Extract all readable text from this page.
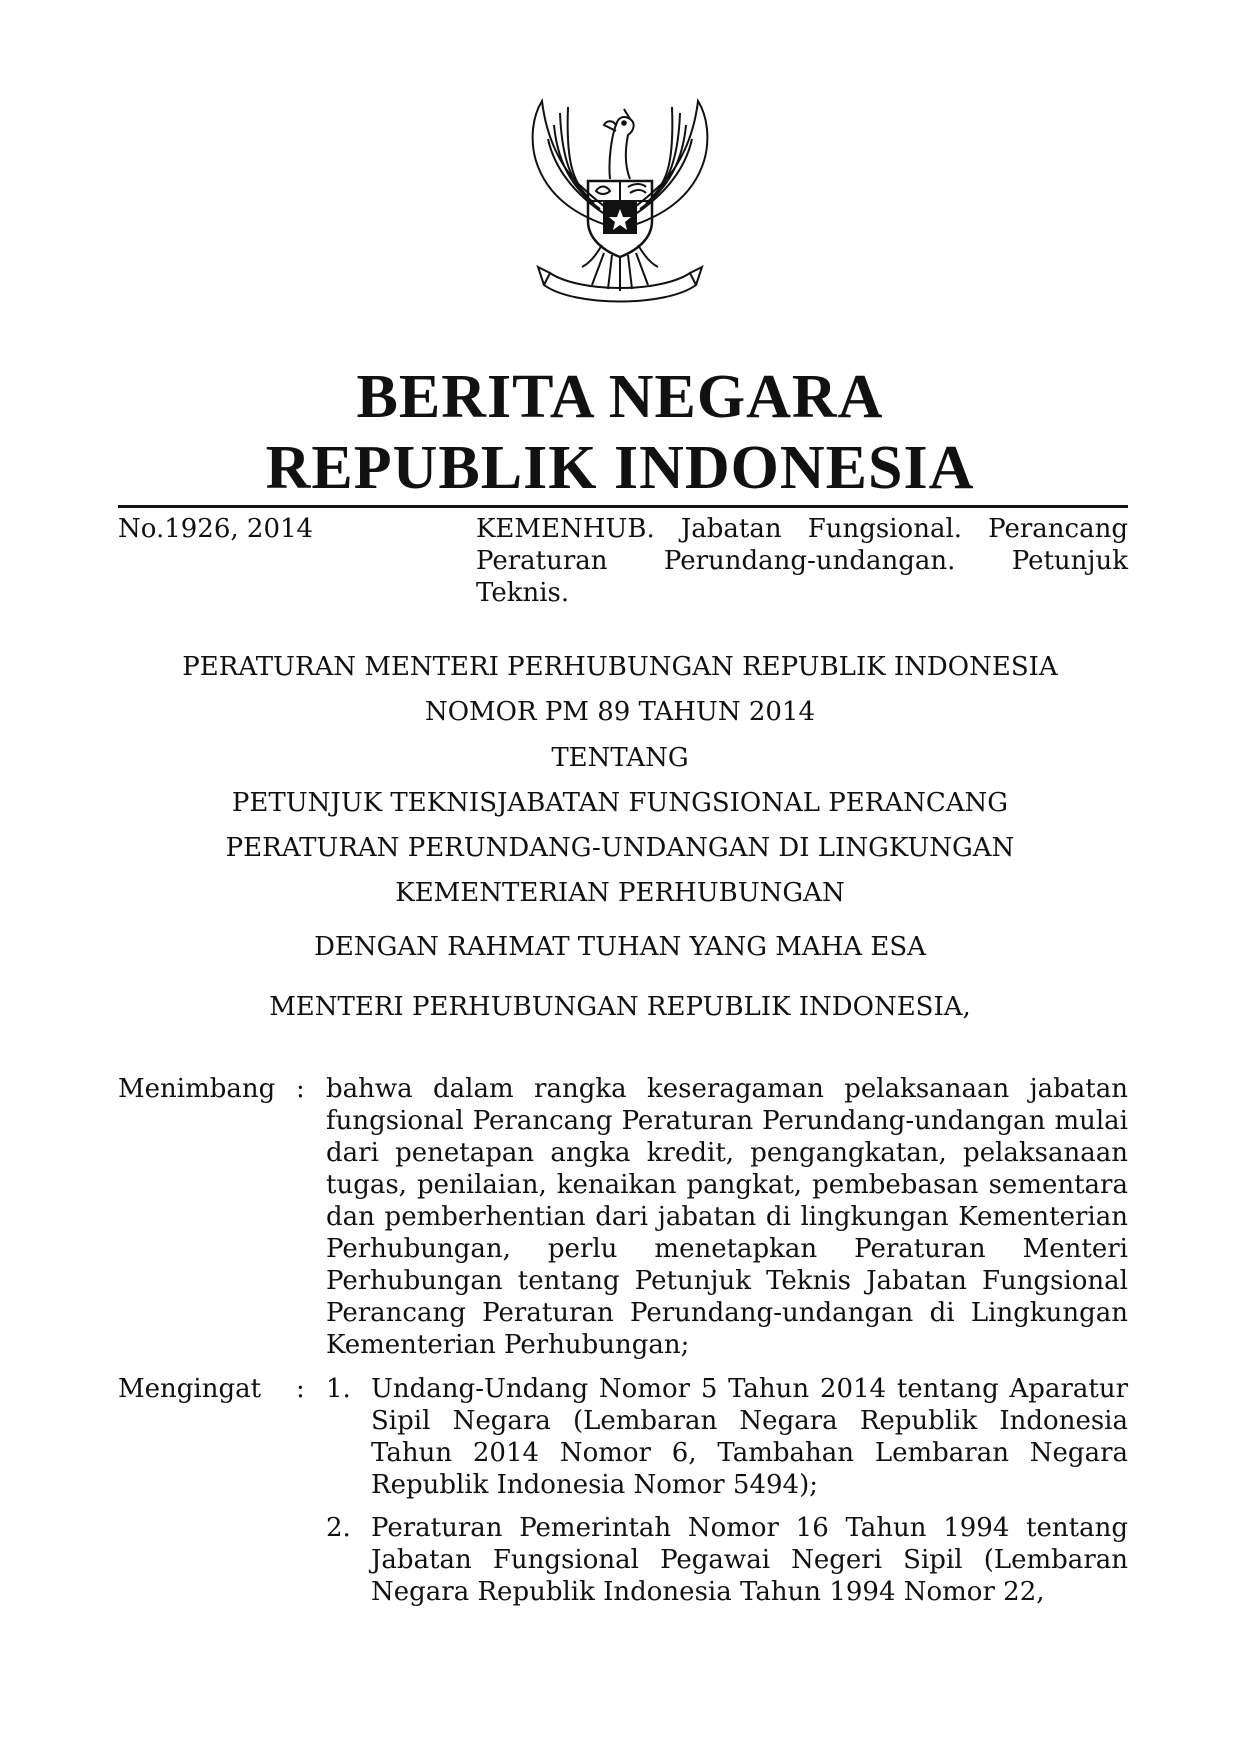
BERITA NEGARA
REPUBLIK INDONESIA
No.1926, 2014	KEMENHUB. Jabatan Fungsional. Perancang Peraturan Perundang-undangan. Petunjuk Teknis.
PERATURAN MENTERI PERHUBUNGAN REPUBLIK INDONESIA
NOMOR PM 89 TAHUN 2014
TENTANG
PETUNJUK TEKNISJABATAN FUNGSIONAL PERANCANG
PERATURAN PERUNDANG-UNDANGAN DI LINGKUNGAN
KEMENTERIAN PERHUBUNGAN
DENGAN RAHMAT TUHAN YANG MAHA ESA
MENTERI PERHUBUNGAN REPUBLIK INDONESIA,
Menimbang : bahwa dalam rangka keseragaman pelaksanaan jabatan fungsional Perancang Peraturan Perundang-undangan mulai dari penetapan angka kredit, pengangkatan, pelaksanaan tugas, penilaian, kenaikan pangkat, pembebasan sementara dan pemberhentian dari jabatan di lingkungan Kementerian Perhubungan, perlu menetapkan Peraturan Menteri Perhubungan tentang Petunjuk Teknis Jabatan Fungsional Perancang Peraturan Perundang-undangan di Lingkungan Kementerian Perhubungan;
Mengingat : 1. Undang-Undang Nomor 5 Tahun 2014 tentang Aparatur Sipil Negara (Lembaran Negara Republik Indonesia Tahun 2014 Nomor 6, Tambahan Lembaran Negara Republik Indonesia Nomor 5494);
2. Peraturan Pemerintah Nomor 16 Tahun 1994 tentang Jabatan Fungsional Pegawai Negeri Sipil (Lembaran Negara Republik Indonesia Tahun 1994 Nomor 22,
